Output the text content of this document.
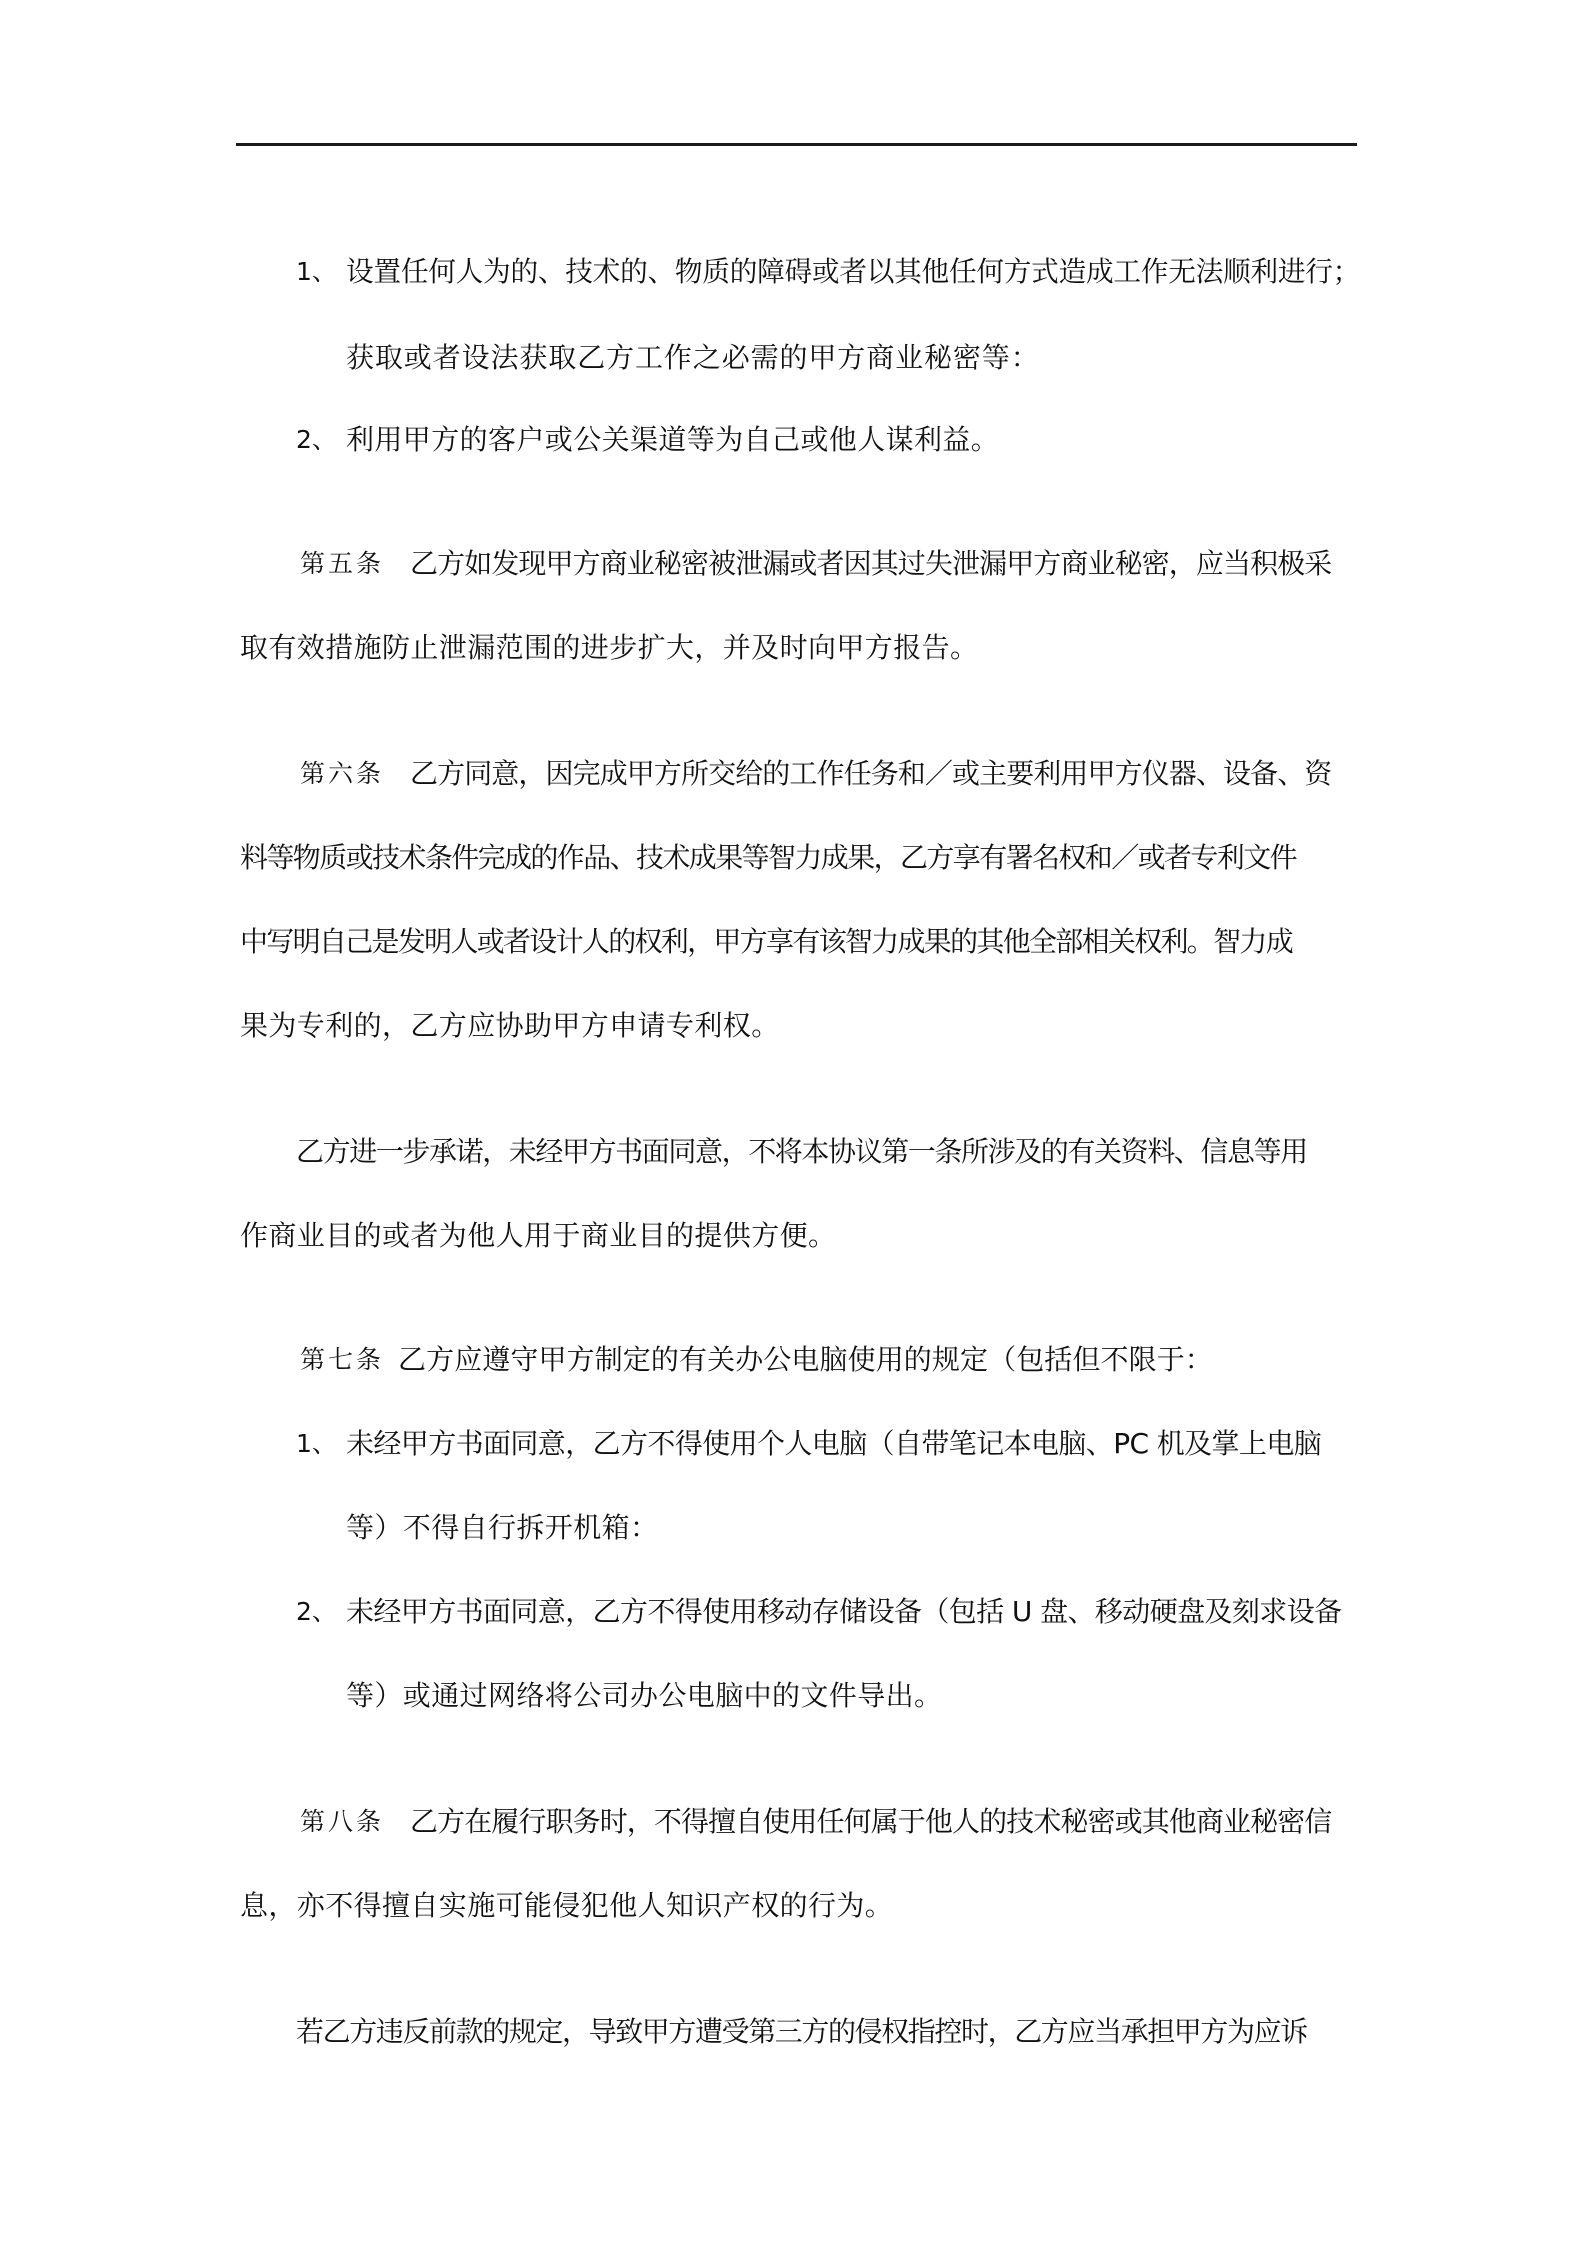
1、 设置任何人为的、技术的、物质的障碍或者以其他任何方式造成工作无法顺利进行；
获取或者设法获取乙方工作之必需的甲方商业秘密等：
2、 利用甲方的客户或公关渠道等为自己或他人谋利益。
第五条 乙方如发现甲方商业秘密被泄漏或者因其过失泄漏甲方商业秘密，应当积极采
取有效措施防止泄漏范围的进步扩大，并及时向甲方报告。
第六条 乙方同意，因完成甲方所交给的工作任务和／或主要利用甲方仪器、设备、资
料等物质或技术条件完成的作品、技术成果等智力成果，乙方享有署名权和／或者专利文件
中写明自己是发明人或者设计人的权利，甲方享有该智力成果的其他全部相关权利。智力成
果为专利的，乙方应协助甲方申请专利权。
乙方进一步承诺，未经甲方书面同意，不将本协议第一条所涉及的有关资料、信息等用
作商业目的或者为他人用于商业目的提供方便。
第七条 乙方应遵守甲方制定的有关办公电脑使用的规定（包括但不限于：
1、 未经甲方书面同意，乙方不得使用个人电脑（自带笔记本电脑、PC 机及掌上电脑
等）不得自行拆开机箱：
2、 未经甲方书面同意，乙方不得使用移动存储设备（包括 U 盘、移动硬盘及刻求设备
等）或通过网络将公司办公电脑中的文件导出。
第八条 乙方在履行职务时，不得擅自使用任何属于他人的技术秘密或其他商业秘密信
息，亦不得擅自实施可能侵犯他人知识产权的行为。
若乙方违反前款的规定，导致甲方遭受第三方的侵权指控时，乙方应当承担甲方为应诉
